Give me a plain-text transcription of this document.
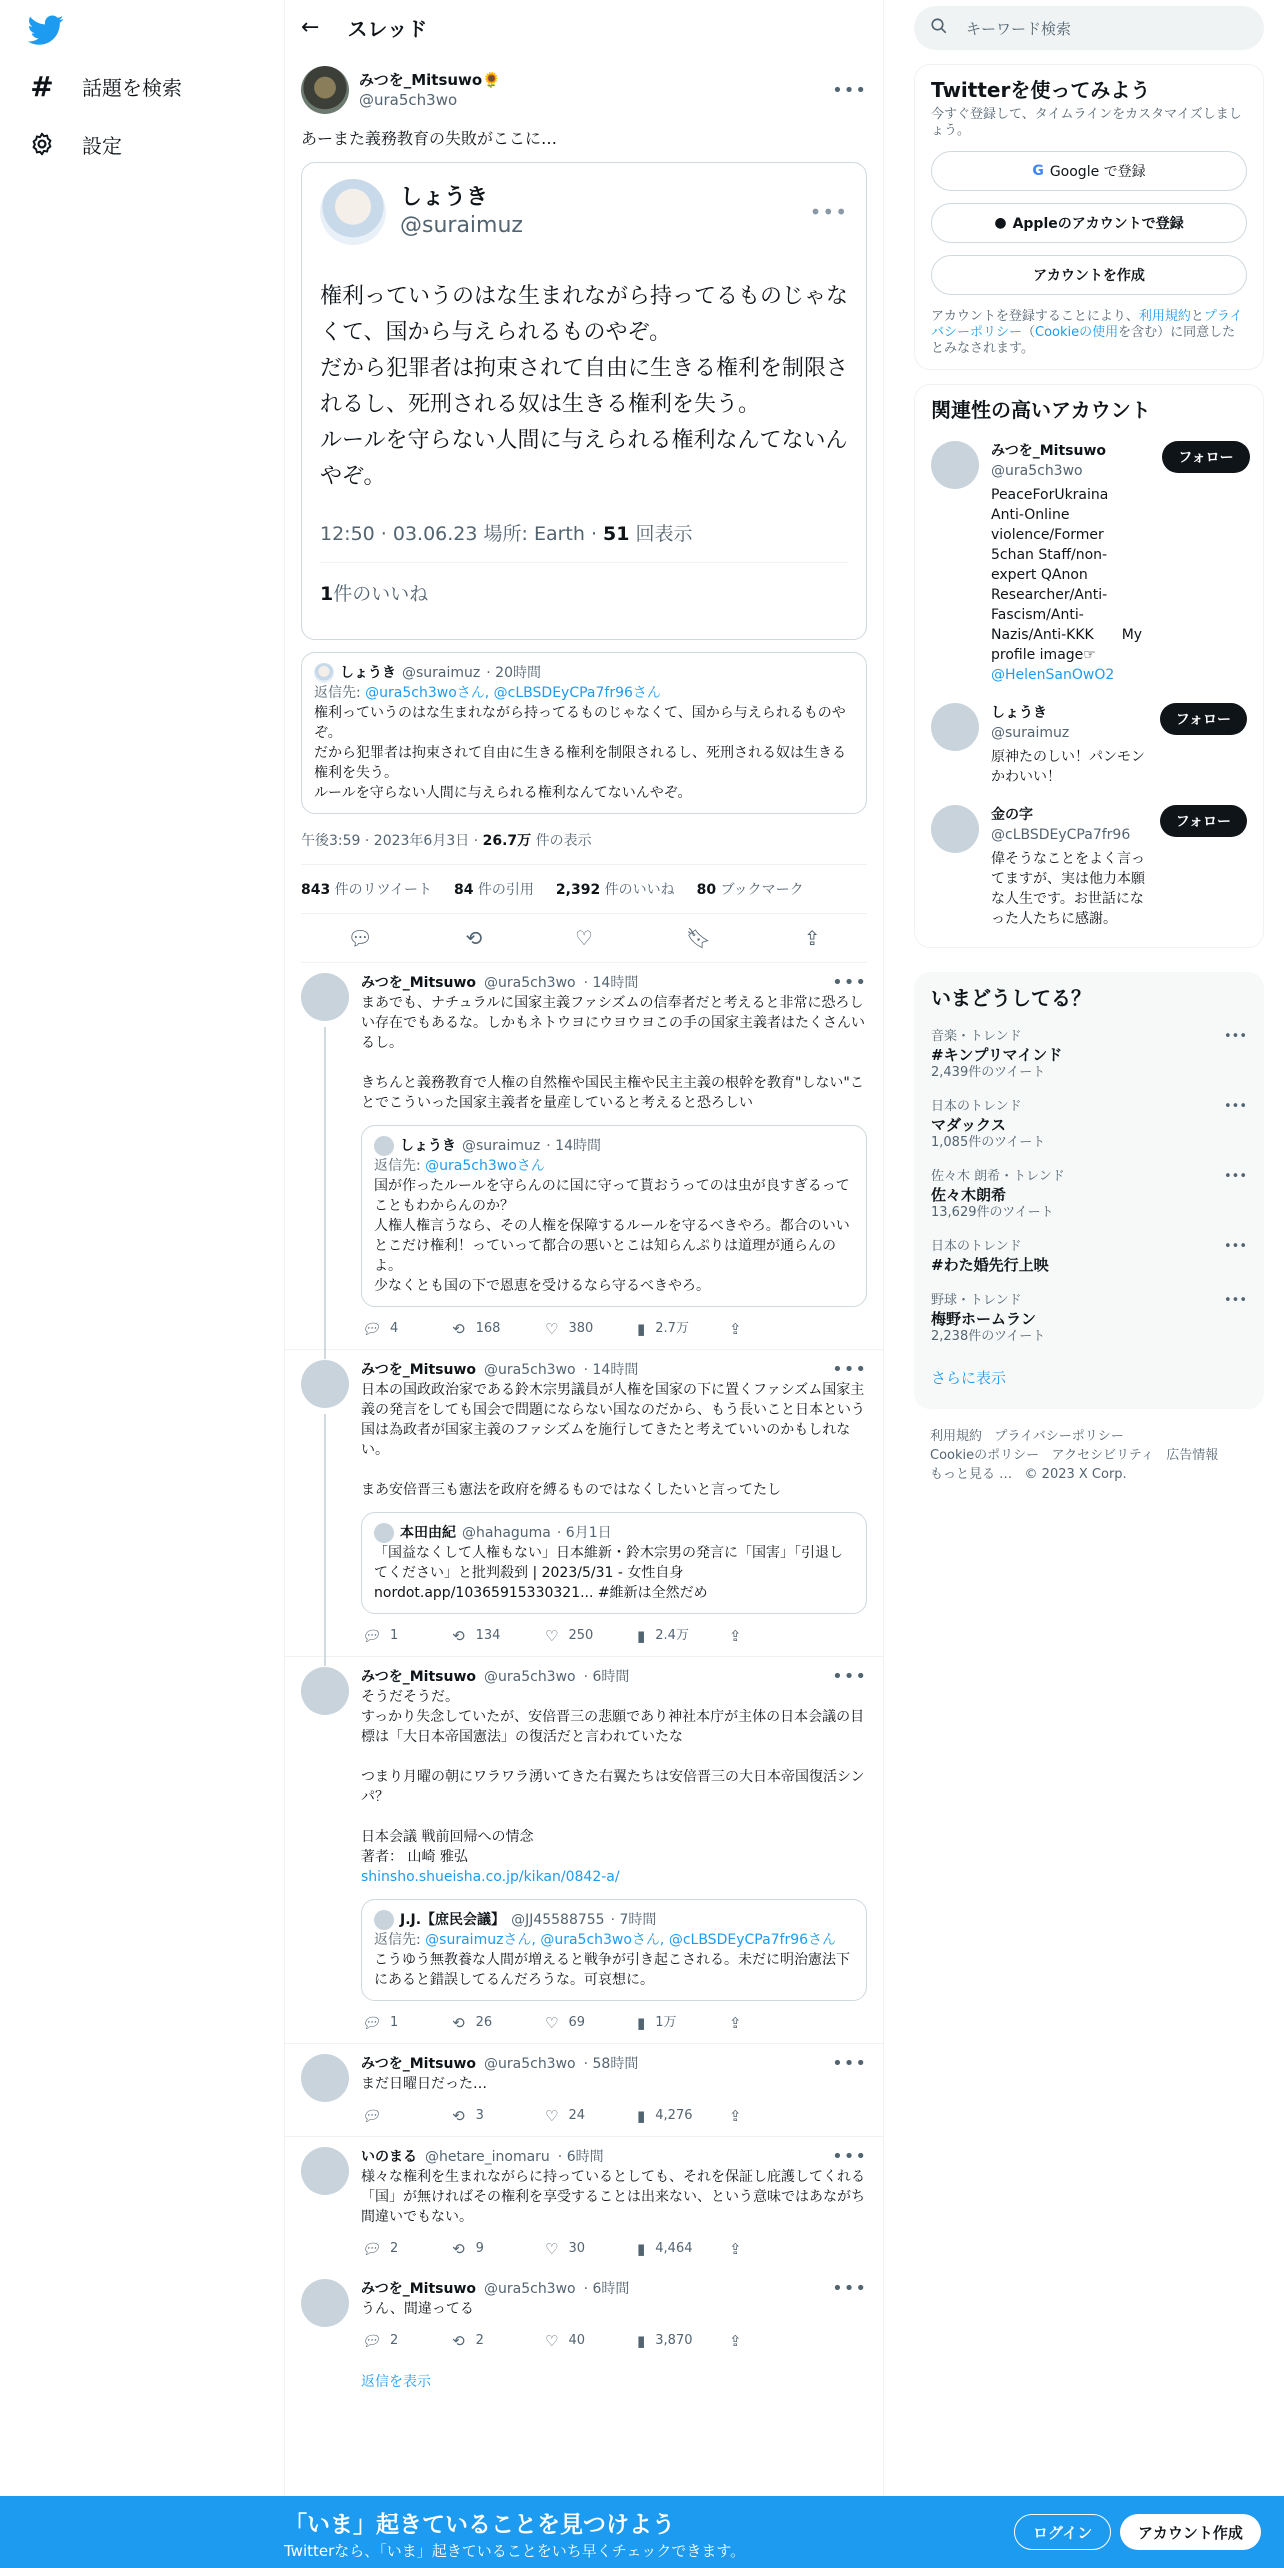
# 話題を検索
設定
← スレッド
みつを_Mitsuwo🌻
@ura5ch3wo	•••
あーまた義務教育の失敗がここに…
しょうき
@suraimuz
•••
権利っていうのはな生まれながら持ってるものじゃなくて、国から与えられるものやぞ。
だから犯罪者は拘束されて自由に生きる権利を制限されるし、死刑される奴は生きる権利を失う。
ルールを守らない人間に与えられる権利なんてないんやぞ。
12:50 · 03.06.23 場所: Earth · 51 回表示
1件のいいね
しょうき @suraimuz · 20時間
返信先: @ura5ch3woさん, @cLBSDEyCPa7fr96さん
権利っていうのはな生まれながら持ってるものじゃなくて、国から与えられるものやぞ。
だから犯罪者は拘束されて自由に生きる権利を制限されるし、死刑される奴は生きる権利を失う。
ルールを守らない人間に与えられる権利なんてないんやぞ。
午後3:59 · 2023年6月3日 · 26.7万 件の表示
843 件のリツイート 84 件の引用 2,392 件のいいね 80 ブックマーク
💬︎	⟲	♡	🔖︎	⇪
みつを_Mitsuwo @ura5ch3wo · 14時間	•••
まあでも、ナチュラルに国家主義ファシズムの信奉者だと考えると非常に恐ろしい存在でもあるな。しかもネトウヨにウヨウヨこの手の国家主義者はたくさんいるし。

きちんと義務教育で人権の自然権や国民主権や民主主義の根幹を教育"しない"ことでこういった国家主義者を量産していると考えると恐ろしい
しょうき @suraimuz · 14時間
返信先: @ura5ch3woさん
国が作ったルールを守らんのに国に守って貰おうってのは虫が良すぎるってこともわからんのか？
人権人権言うなら、その人権を保障するルールを守るべきやろ。都合のいいとこだけ権利！っていって都合の悪いとこは知らんぷりは道理が通らんのよ。
少なくとも国の下で恩恵を受けるなら守るべきやろ。
💬︎ 4	⟲ 168	♡ 380	▮ 2.7万	⇪
みつを_Mitsuwo @ura5ch3wo · 14時間	•••
日本の国政政治家である鈴木宗男議員が人権を国家の下に置くファシズム国家主義の発言をしても国会で問題にならない国なのだから、もう長いこと日本という国は為政者が国家主義のファシズムを施行してきたと考えていいのかもしれない。

まあ安倍晋三も憲法を政府を縛るものではなくしたいと言ってたし
本田由紀 @hahaguma · 6月1日
「国益なくして人権もない」日本維新・鈴木宗男の発言に「国害」「引退してください」と批判殺到 | 2023/5/31 - 女性自身
nordot.app/10365915330321... #維新は全然だめ
💬︎ 1	⟲ 134	♡ 250	▮ 2.4万	⇪
みつを_Mitsuwo @ura5ch3wo · 6時間	•••
そうだそうだ。
すっかり失念していたが、安倍晋三の悲願であり神社本庁が主体の日本会議の目標は「大日本帝国憲法」の復活だと言われていたな

つまり月曜の朝にワラワラ湧いてきた右翼たちは安倍晋三の大日本帝国復活シンパ？

日本会議 戦前回帰への情念
著者： 山崎 雅弘
shinsho.shueisha.co.jp/kikan/0842-a/
J.J.【庶民会議】 @JJ45588755 · 7時間
返信先: @suraimuzさん, @ura5ch3woさん, @cLBSDEyCPa7fr96さん
こうゆう無教養な人間が増えると戦争が引き起こされる。未だに明治憲法下にあると錯誤してるんだろうな。可哀想に。
💬︎ 1	⟲ 26	♡ 69	▮ 1万	⇪
みつを_Mitsuwo @ura5ch3wo · 58時間	•••
まだ日曜日だった…
💬︎	⟲ 3	♡ 24	▮ 4,276 ⇪
いのまる @hetare_inomaru · 6時間	•••
様々な権利を生まれながらに持っているとしても、それを保証し庇護してくれる「国」が無ければその権利を享受することは出来ない、という意味ではあながち間違いでもない。
💬︎ 2	⟲ 9	♡ 30	▮ 4,464 ⇪
みつを_Mitsuwo @ura5ch3wo · 6時間	•••
うん、間違ってる
💬︎ 2	⟲ 2	♡ 40	▮ 3,870 ⇪
返信を表示
キーワード検索
Twitterを使ってみよう
今すぐ登録して、タイムラインをカスタマイズしましょう。
G Google で登録
● Appleのアカウントで登録
アカウントを作成
アカウントを登録することにより、利用規約とプライバシーポリシー（Cookieの使用を含む）に同意したとみなされます。
関連性の高いアカウント
みつを_Mitsuwo
@ura5ch3wo
PeaceForUkraina　　　Anti-Online violence/Former 5chan Staff/non-expert QAnon Researcher/Anti-Fascism/Anti-Nazis/Anti-KKK　　My profile image☞@HelenSanOwO2
フォロー
しょうき
@suraimuz
原神たのしい！パンモンかわいい！
フォロー
金の字
@cLBSDEyCPa7fr96
偉そうなことをよく言ってますが、実は他力本願な人生です。お世話になった人たちに感謝。
フォロー
いまどうしてる？
音楽・トレンド
#キンプリマインド
2,439件のツイート
•••
日本のトレンド
マダックス
1,085件のツイート
•••
佐々木 朗希・トレンド
佐々木朗希
13,629件のツイート
•••
日本のトレンド
#わた婚先行上映
•••
野球・トレンド
梅野ホームラン
2,238件のツイート
•••
さらに表示
利用規約 プライバシーポリシー
Cookieのポリシー アクセシビリティ 広告情報
もっと見る … © 2023 X Corp.
「いま」起きていることを見つけよう
Twitterなら、「いま」起きていることをいち早くチェックできます。
ログイン	アカウント作成
